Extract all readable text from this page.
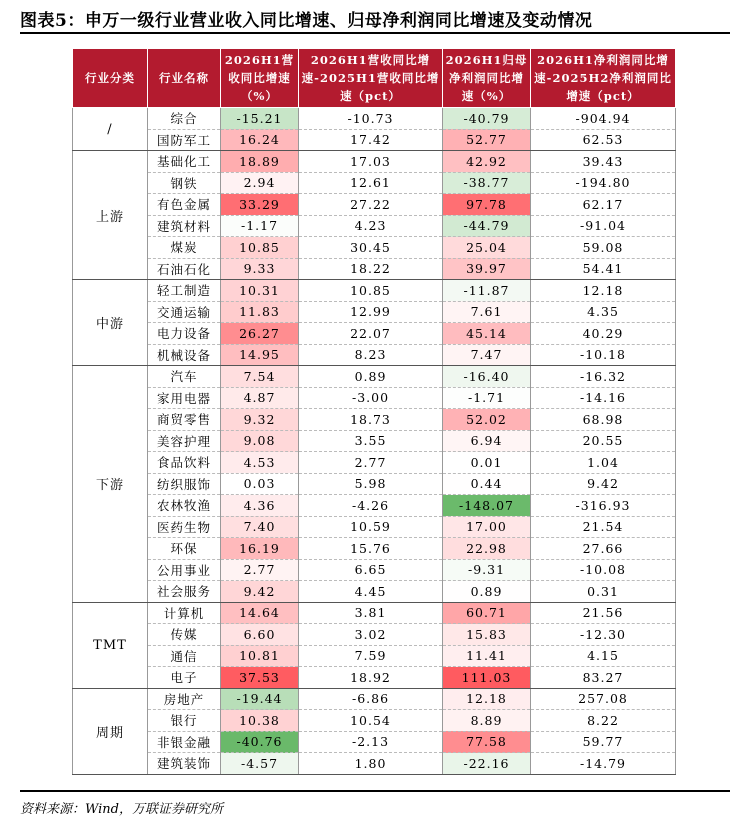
图表5：申万一级行业营业收入同比增速、归母净利润同比增速及变动情况
行业分类	行业名称	2026H1营收同比增速（%）	2026H1营收同比增速-2025H1营收同比增速（pct）	2026H1归母净利润同比增速（%）	2026H1净利润同比增速-2025H2净利润同比增速（pct）
/	综合	-15.21	-10.73	-40.79	-904.94
	国防军工	16.24	17.42	52.77	62.53
上游	基础化工	18.89	17.03	42.92	39.43
	钢铁	2.94	12.61	-38.77	-194.80
	有色金属	33.29	27.22	97.78	62.17
	建筑材料	-1.17	4.23	-44.79	-91.04
	煤炭	10.85	30.45	25.04	59.08
	石油石化	9.33	18.22	39.97	54.41
中游	轻工制造	10.31	10.85	-11.87	12.18
	交通运输	11.83	12.99	7.61	4.35
	电力设备	26.27	22.07	45.14	40.29
	机械设备	14.95	8.23	7.47	-10.18
下游	汽车	7.54	0.89	-16.40	-16.32
	家用电器	4.87	-3.00	-1.71	-14.16
	商贸零售	9.32	18.73	52.02	68.98
	美容护理	9.08	3.55	6.94	20.55
	食品饮料	4.53	2.77	0.01	1.04
	纺织服饰	0.03	5.98	0.44	9.42
	农林牧渔	4.36	-4.26	-148.07	-316.93
	医药生物	7.40	10.59	17.00	21.54
	环保	16.19	15.76	22.98	27.66
	公用事业	2.77	6.65	-9.31	-10.08
	社会服务	9.42	4.45	0.89	0.31
TMT	计算机	14.64	3.81	60.71	21.56
	传媒	6.60	3.02	15.83	-12.30
	通信	10.81	7.59	11.41	4.15
	电子	37.53	18.92	111.03	83.27
周期	房地产	-19.44	-6.86	12.18	257.08
	银行	10.38	10.54	8.89	8.22
	非银金融	-40.76	-2.13	77.58	59.77
	建筑装饰	-4.57	1.80	-22.16	-14.79
资料来源：Wind，万联证券研究所
